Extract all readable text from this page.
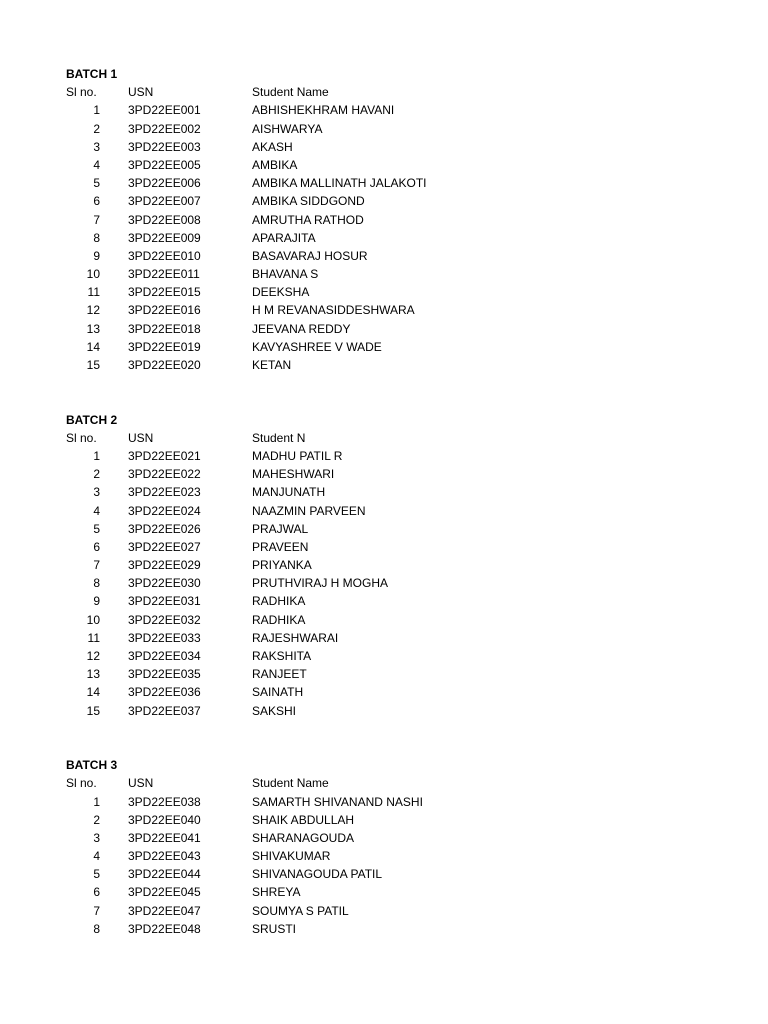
BATCH 1
Sl no.	USN	Student Name
1 3PD22EE001	ABHISHEKHRAM HAVANI
2 3PD22EE002	AISHWARYA
3 3PD22EE003	AKASH
4 3PD22EE005	AMBIKA
5 3PD22EE006	AMBIKA MALLINATH JALAKOTI
6 3PD22EE007	AMBIKA SIDDGOND
7 3PD22EE008	AMRUTHA RATHOD
8 3PD22EE009	APARAJITA
9 3PD22EE010	BASAVARAJ HOSUR
10 3PD22EE011	BHAVANA S
11 3PD22EE015	DEEKSHA
12 3PD22EE016	H M REVANASIDDESHWARA
13 3PD22EE018	JEEVANA REDDY
14 3PD22EE019	KAVYASHREE V WADE
15 3PD22EE020	KETAN
BATCH 2
Sl no.	USN	Student N
1 3PD22EE021	MADHU PATIL R
2 3PD22EE022	MAHESHWARI
3 3PD22EE023	MANJUNATH
4 3PD22EE024	NAAZMIN PARVEEN
5 3PD22EE026	PRAJWAL
6 3PD22EE027	PRAVEEN
7 3PD22EE029	PRIYANKA
8 3PD22EE030	PRUTHVIRAJ H MOGHA
9 3PD22EE031	RADHIKA
10 3PD22EE032	RADHIKA
11 3PD22EE033	RAJESHWARAI
12 3PD22EE034	RAKSHITA
13 3PD22EE035	RANJEET
14 3PD22EE036	SAINATH
15 3PD22EE037	SAKSHI
BATCH 3
Sl no.	USN	Student Name
1 3PD22EE038	SAMARTH SHIVANAND NASHI
2 3PD22EE040	SHAIK ABDULLAH
3 3PD22EE041	SHARANAGOUDA
4 3PD22EE043	SHIVAKUMAR
5 3PD22EE044	SHIVANAGOUDA PATIL
6 3PD22EE045	SHREYA
7 3PD22EE047	SOUMYA S PATIL
8 3PD22EE048	SRUSTI
